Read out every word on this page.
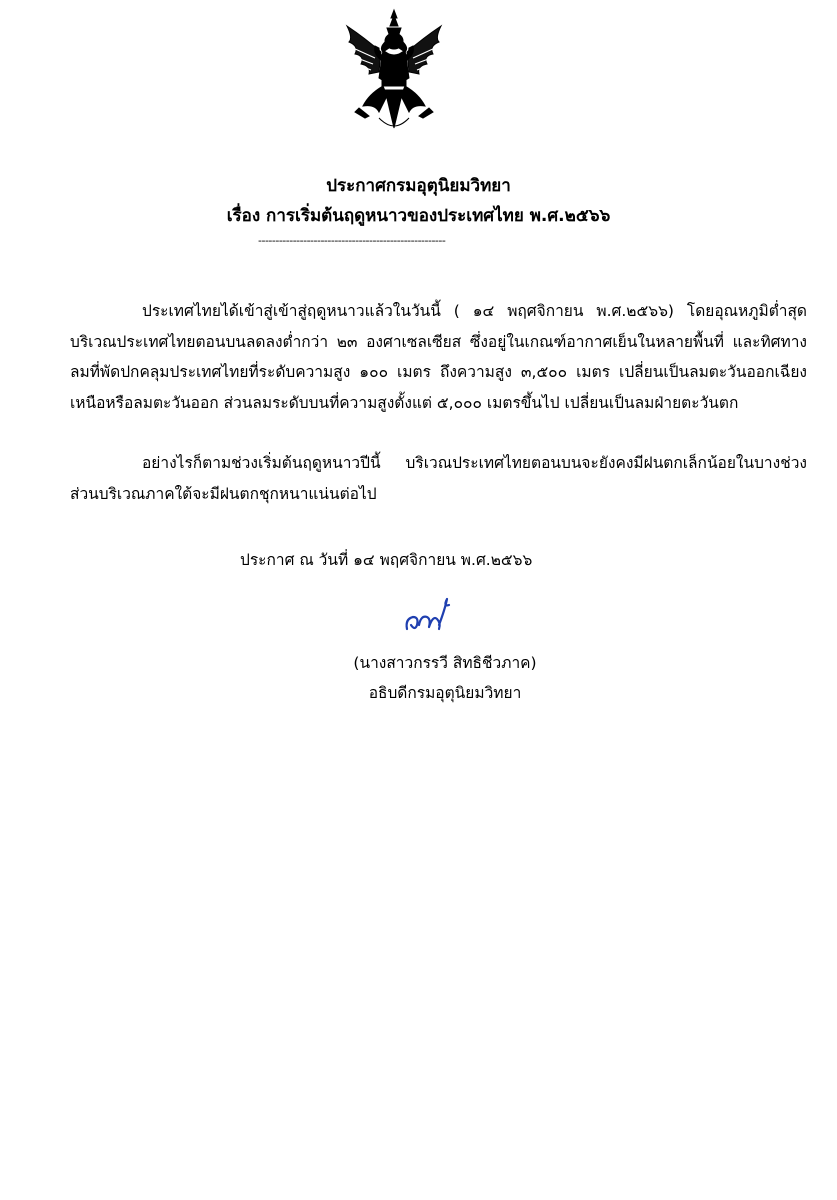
ประกาศกรมอุตุนิยมวิทยา
เรื่อง การเริ่มต้นฤดูหนาวของประเทศไทย พ.ศ.๒๕๖๖
------------------------------------------------------
ประเทศไทยได้เข้าสู่เข้าสู่ฤดูหนาวแล้วในวันนี้ ( ๑๔ พฤศจิกายน พ.ศ.๒๕๖๖) โดยอุณหภูมิต่ำสุดบริเวณประเทศไทยตอนบนลดลงต่ำกว่า ๒๓ องศาเซลเซียส ซึ่งอยู่ในเกณฑ์อากาศเย็นในหลายพื้นที่ และทิศทางลมที่พัดปกคลุมประเทศไทยที่ระดับความสูง ๑๐๐ เมตร ถึงความสูง ๓,๕๐๐ เมตร เปลี่ยนเป็นลมตะวันออกเฉียงเหนือหรือลมตะวันออก ส่วนลมระดับบนที่ความสูงตั้งแต่ ๕,๐๐๐ เมตรขึ้นไป เปลี่ยนเป็นลมฝ่ายตะวันตก
อย่างไรก็ตามช่วงเริ่มต้นฤดูหนาวปีนี้ บริเวณประเทศไทยตอนบนจะยังคงมีฝนตกเล็กน้อยในบางช่วง ส่วนบริเวณภาคใต้จะมีฝนตกชุกหนาแน่นต่อไป
ประกาศ ณ วันที่ ๑๔ พฤศจิกายน พ.ศ.๒๕๖๖
(นางสาวกรรวี สิทธิชีวภาค)
อธิบดีกรมอุตุนิยมวิทยา
